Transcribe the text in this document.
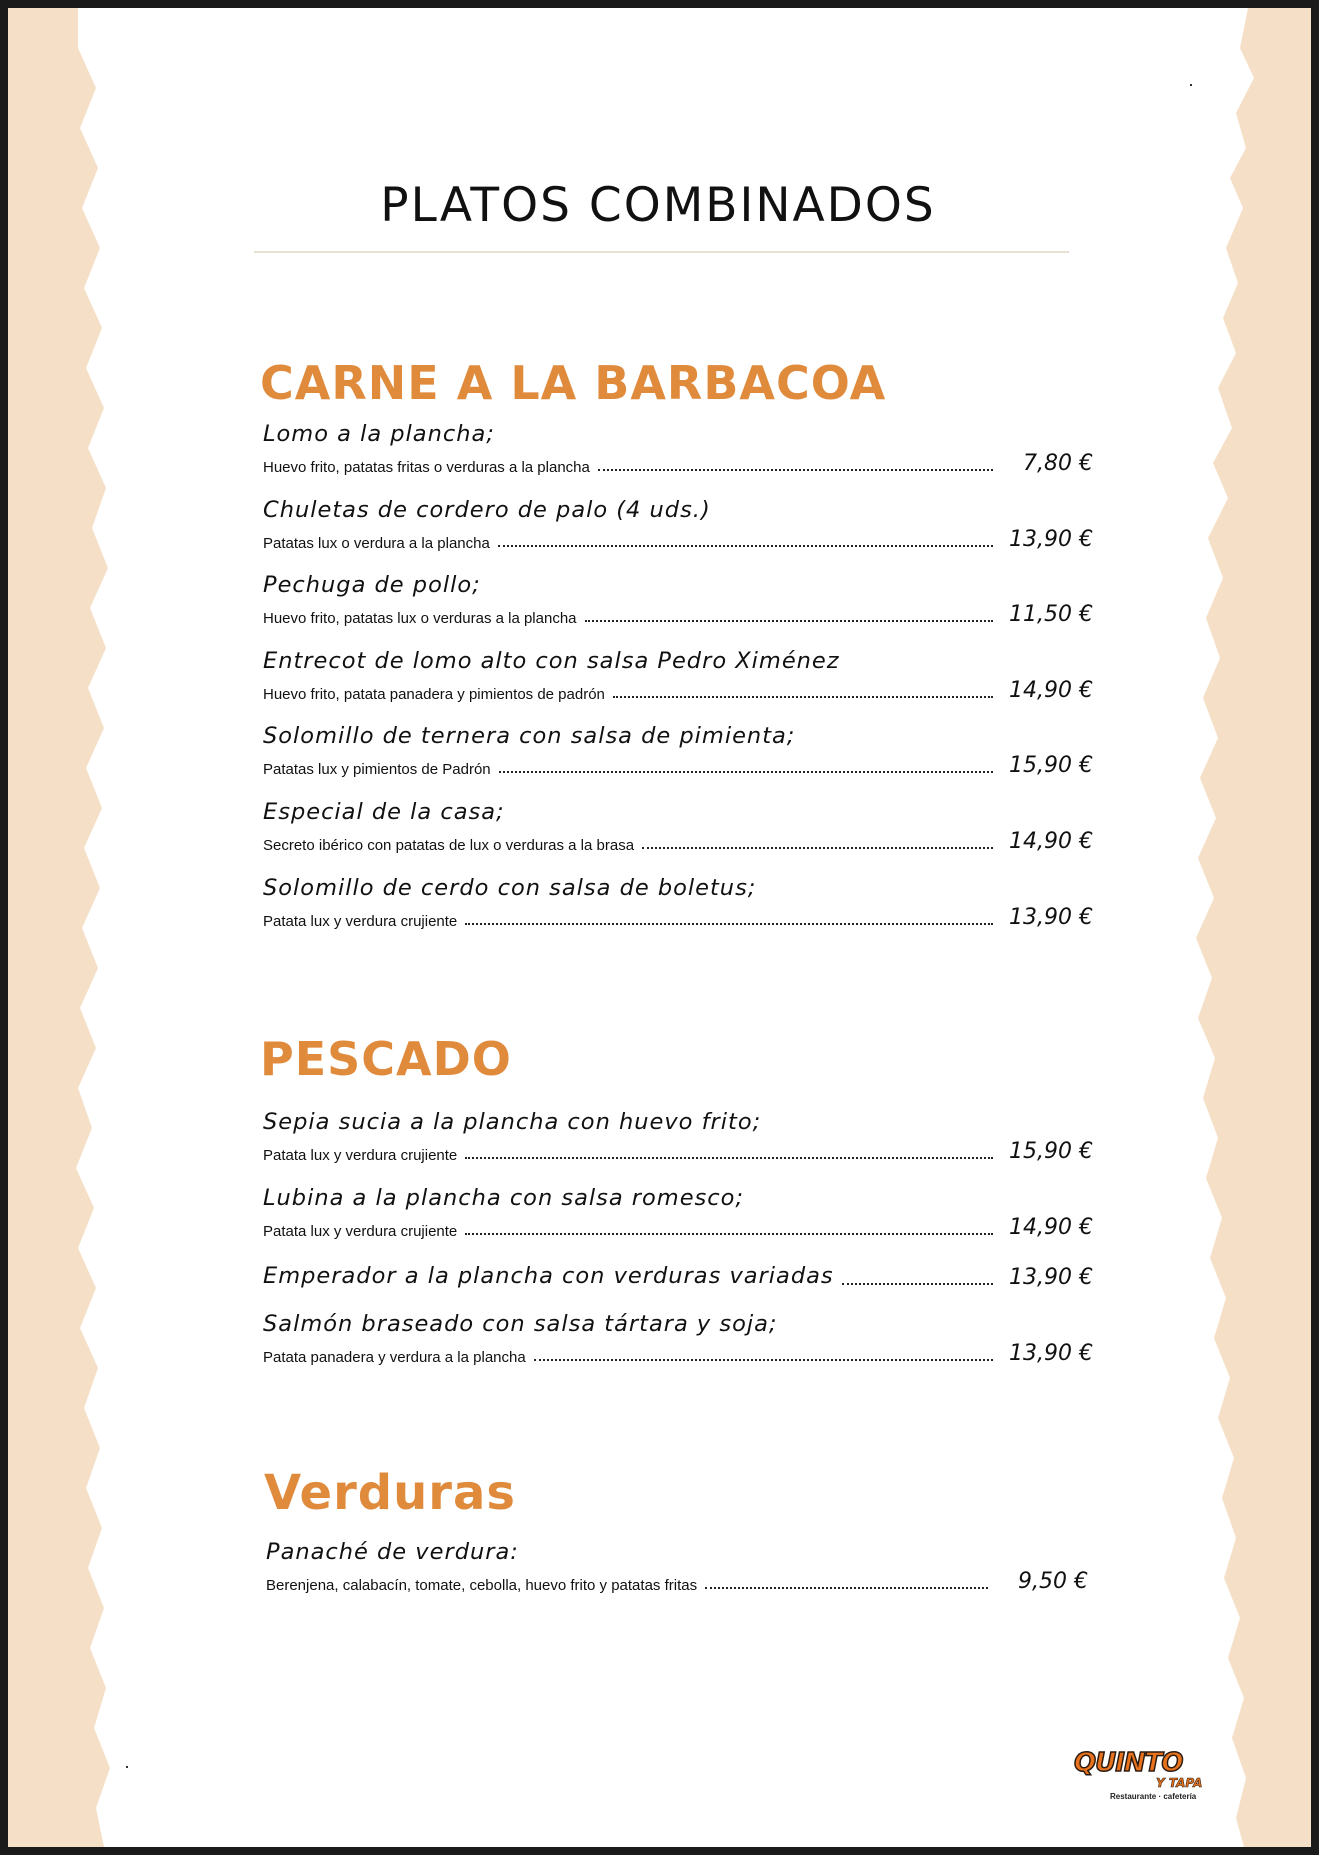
PLATOS COMBINADOS
CARNE A LA BARBACOA
Lomo a la plancha;
Huevo frito, patatas fritas o verduras a la plancha	7,80 €
Chuletas de cordero de palo (4 uds.)
Patatas lux o verdura a la plancha	13,90 €
Pechuga de pollo;
Huevo frito, patatas lux o verduras a la plancha	11,50 €
Entrecot de lomo alto con salsa Pedro Ximénez
Huevo frito, patata panadera y pimientos de padrón	14,90 €
Solomillo de ternera con salsa de pimienta;
Patatas lux y pimientos de Padrón	15,90 €
Especial de la casa;
Secreto ibérico con patatas de lux o verduras a la brasa	14,90 €
Solomillo de cerdo con salsa de boletus;
Patata lux y verdura crujiente	13,90 €
PESCADO
Sepia sucia a la plancha con huevo frito;
Patata lux y verdura crujiente	15,90 €
Lubina a la plancha con salsa romesco;
Patata lux y verdura crujiente	14,90 €
Emperador a la plancha con verduras variadas	13,90 €
Salmón braseado con salsa tártara y soja;
Patata panadera y verdura a la plancha	13,90 €
Verduras
Panaché de verdura:
Berenjena, calabacín, tomate, cebolla, huevo frito y patatas fritas	9,50 €
QUINTO
Y TAPA
Restaurante · cafetería
